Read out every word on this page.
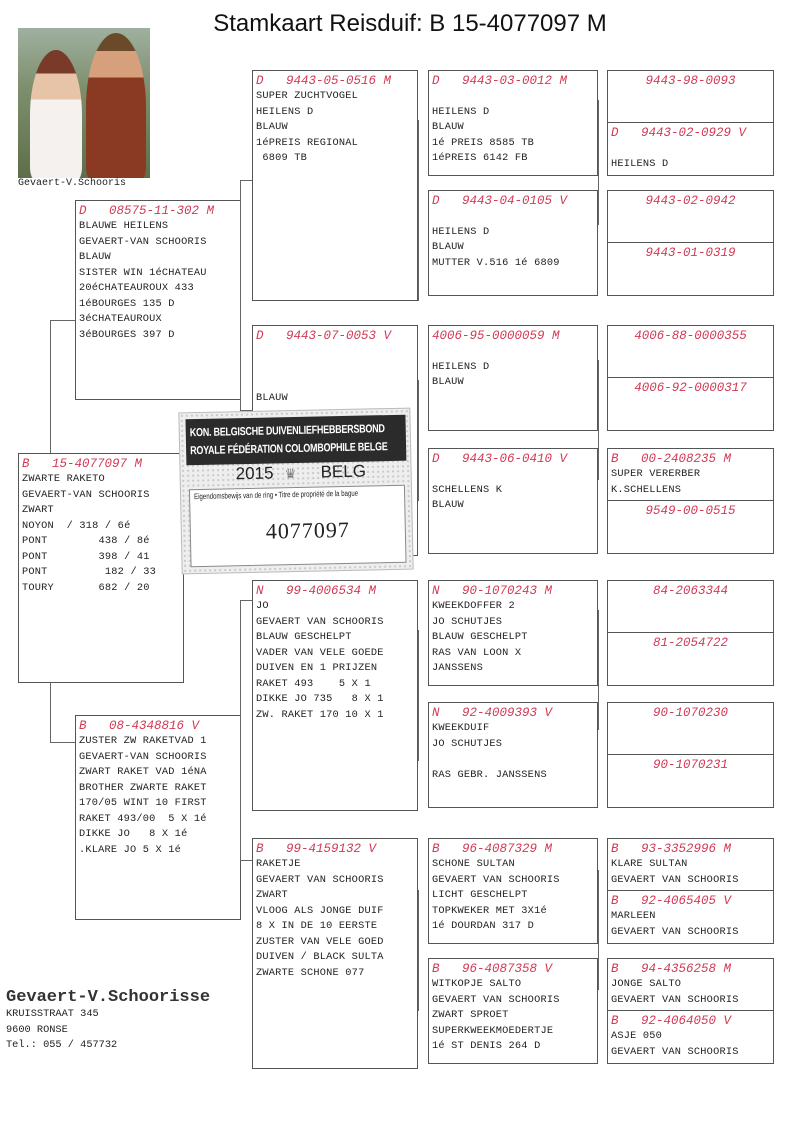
Stamkaart Reisduif: B 15-4077097 M
Gevaert-V.Schooris
B   15-4077097 M
ZWARTE RAKETO
GEVAERT-VAN SCHOORIS
ZWART
NOYON  / 318 / 6é
PONT        438 / 8é
PONT        398 / 41
PONT         182 / 33
TOURY       682 / 20
D   08575-11-302 M
BLAUWE HEILENS
GEVAERT-VAN SCHOORIS
BLAUW
SISTER WIN 1éCHATEAU
20éCHATEAUROUX 433
1éBOURGES 135 D
3éCHATEAUROUX
3éBOURGES 397 D
B   08-4348816 V
ZUSTER ZW RAKETVAD 1
GEVAERT-VAN SCHOORIS
ZWART RAKET VAD 1éNA
BROTHER ZWARTE RAKET
170/05 WINT 10 FIRST
RAKET 493/00  5 X 1é
DIKKE JO   8 X 1é
.KLARE JO 5 X 1é
D   9443-05-0516 M
SUPER ZUCHTVOGEL
HEILENS D
BLAUW
1éPREIS REGIONAL
6809 TB
D   9443-07-0053 V
BLAUW
N   99-4006534 M
JO
GEVAERT VAN SCHOORIS
BLAUW GESCHELPT
VADER VAN VELE GOEDE
DUIVEN EN 1 PRIJZEN
RAKET 493    5 X 1
DIKKE JO 735   8 X 1
ZW. RAKET 170 10 X 1
B   99-4159132 V
RAKETJE
GEVAERT VAN SCHOORIS
ZWART
VLOOG ALS JONGE DUIF
8 X IN DE 10 EERSTE
ZUSTER VAN VELE GOED
DUIVEN / BLACK SULTA
ZWARTE SCHONE 077
D   9443-03-0012 M
HEILENS D
BLAUW
1é PREIS 8585 TB
1éPREIS 6142 FB
D   9443-04-0105 V
HEILENS D
BLAUW
MUTTER V.516 1é 6809
4006-95-0000059 M
HEILENS D
BLAUW
D   9443-06-0410 V
SCHELLENS K
BLAUW
N   90-1070243 M
KWEEKDOFFER 2
JO SCHUTJES
BLAUW GESCHELPT
RAS VAN LOON X
JANSSENS
N   92-4009393 V
KWEEKDUIF
JO SCHUTJES
RAS GEBR. JANSSENS
B   96-4087329 M
SCHONE SULTAN
GEVAERT VAN SCHOORIS
LICHT GESCHELPT
TOPKWEKER MET 3X1é
1é DOURDAN 317 D
B   96-4087358 V
WITKOPJE SALTO
GEVAERT VAN SCHOORIS
ZWART SPROET
SUPERKWEEKMOEDERTJE
1é ST DENIS 264 D
9443-98-0093
D   9443-02-0929 V
HEILENS D
9443-02-0942
9443-01-0319
4006-88-0000355
4006-92-0000317
B   00-2408235 M
SUPER VERERBER
K.SCHELLENS
9549-00-0515
84-2063344
81-2054722
90-1070230
90-1070231
B   93-3352996 M
KLARE SULTAN
GEVAERT VAN SCHOORIS
B   92-4065405 V
MARLEEN
GEVAERT VAN SCHOORIS
B   94-4356258 M
JONGE SALTO
GEVAERT VAN SCHOORIS
B   92-4064050 V
ASJE 050
GEVAERT VAN SCHOORIS
KON. BELGISCHE DUIVENLIEFHEBBERSBOND
ROYALE FÉDÉRATION COLOMBOPHILE BELGE
2015 ♛ BELG
Eigendomsbewijs van de ring • Titre de propriété de la bague
4077097
Gevaert-V.Schoorisse
KRUISSTRAAT 345
9600 RONSE
Tel.: 055 / 457732
